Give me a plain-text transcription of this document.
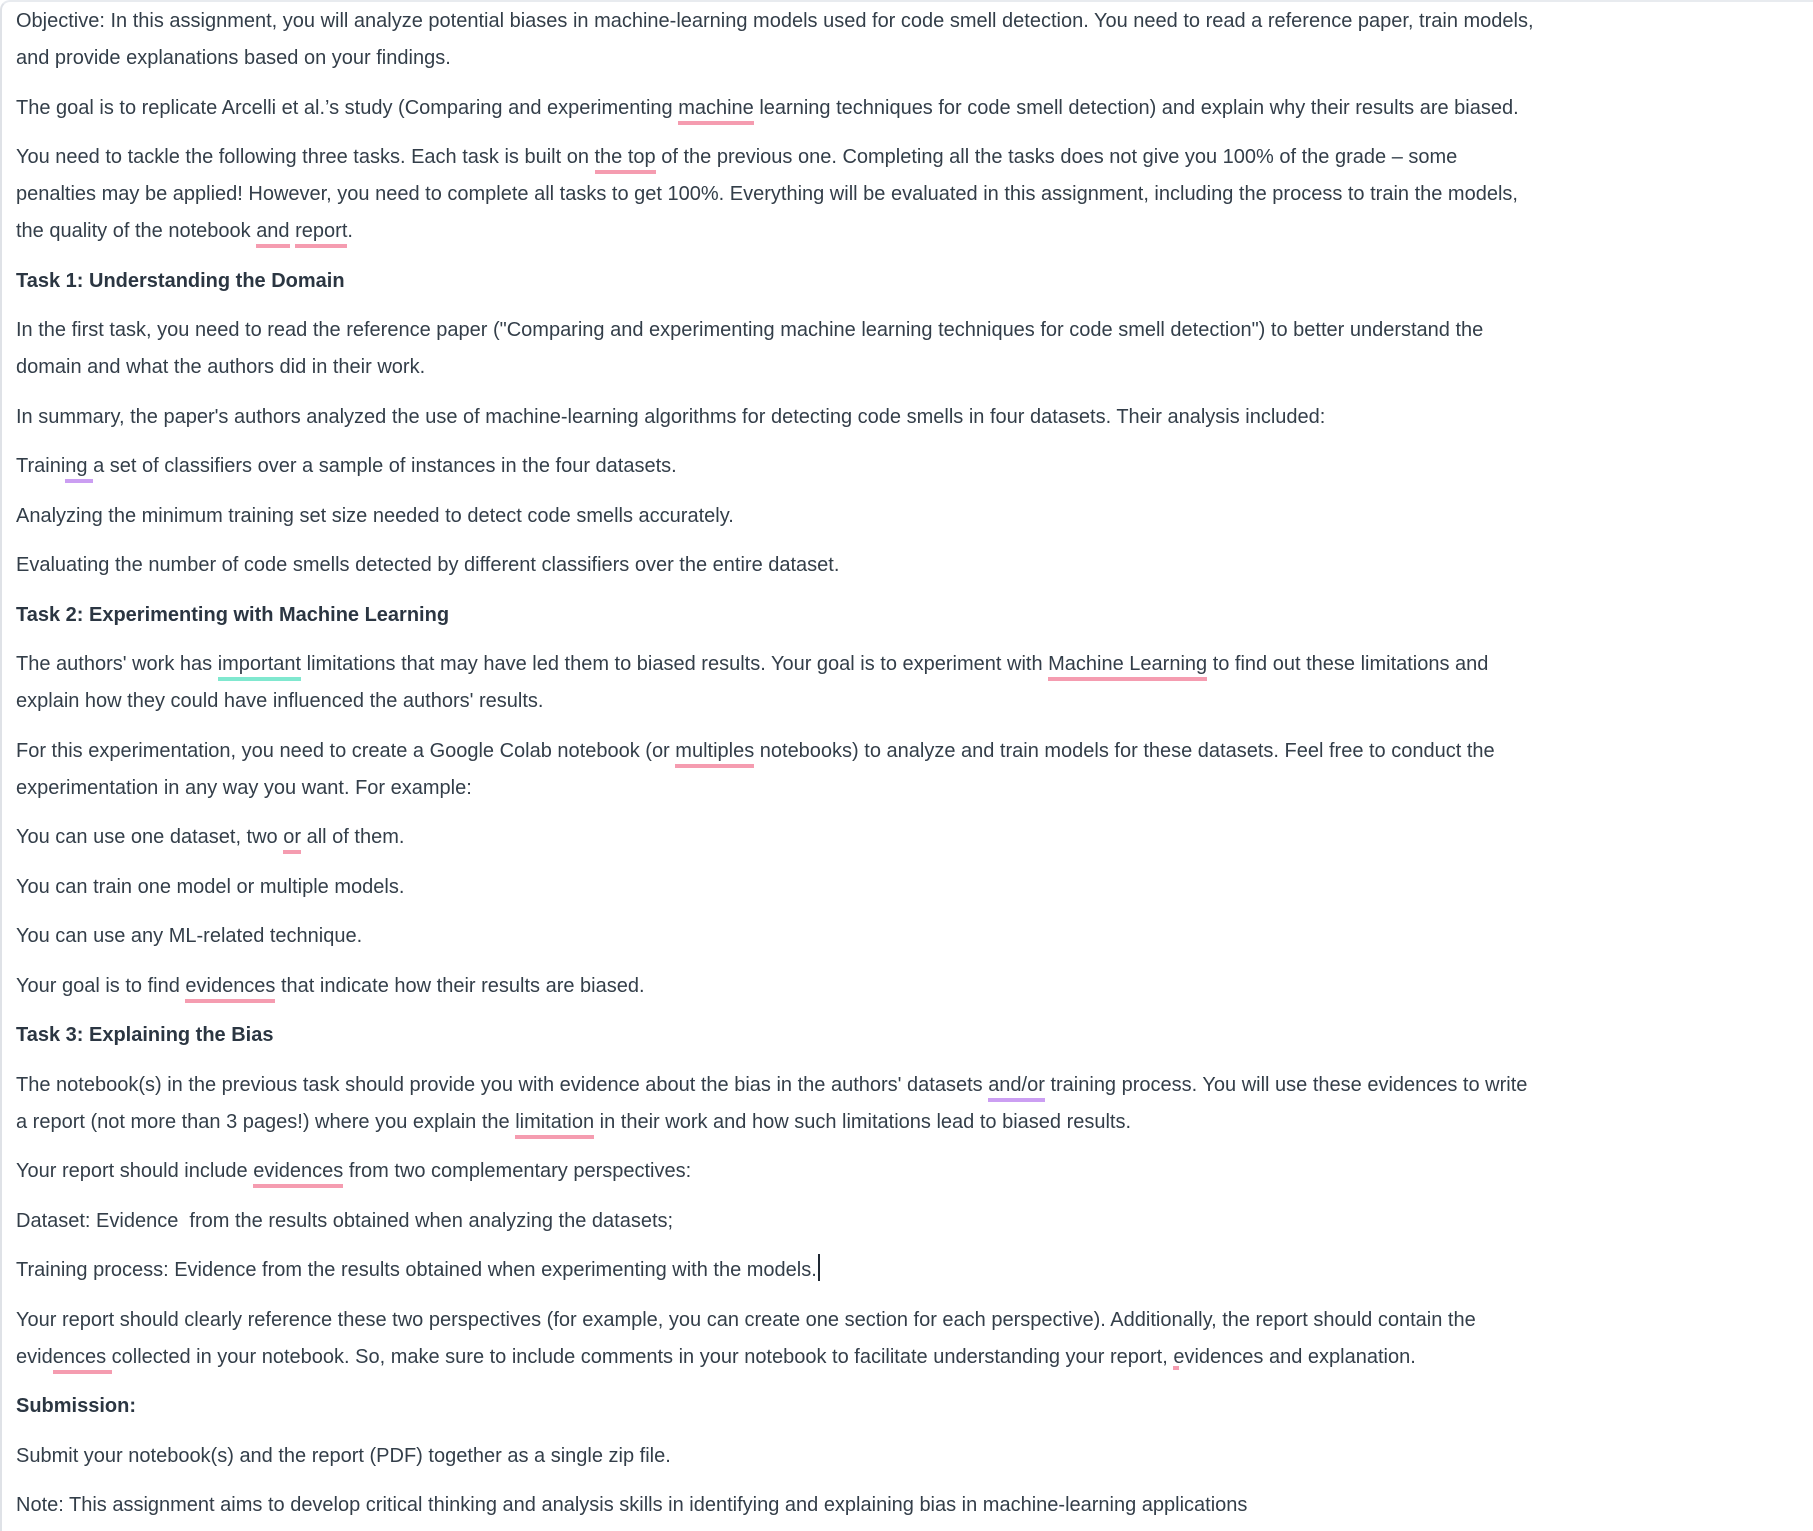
Objective: In this assignment, you will analyze potential biases in machine-learning models used for code smell detection. You need to read a reference paper, train models,
and provide explanations based on your findings.

The goal is to replicate Arcelli et al.’s study (Comparing and experimenting machine learning techniques for code smell detection) and explain why their results are biased.

You need to tackle the following three tasks. Each task is built on the top of the previous one. Completing all the tasks does not give you 100% of the grade – some
penalties may be applied! However, you need to complete all tasks to get 100%. Everything will be evaluated in this assignment, including the process to train the models,
the quality of the notebook and report.

Task 1: Understanding the Domain

In the first task, you need to read the reference paper ("Comparing and experimenting machine learning techniques for code smell detection") to better understand the
domain and what the authors did in their work.

In summary, the paper's authors analyzed the use of machine-learning algorithms for detecting code smells in four datasets. Their analysis included:

Training a set of classifiers over a sample of instances in the four datasets.

Analyzing the minimum training set size needed to detect code smells accurately.

Evaluating the number of code smells detected by different classifiers over the entire dataset.

Task 2: Experimenting with Machine Learning

The authors' work has important limitations that may have led them to biased results. Your goal is to experiment with Machine Learning to find out these limitations and
explain how they could have influenced the authors' results.

For this experimentation, you need to create a Google Colab notebook (or multiples notebooks) to analyze and train models for these datasets. Feel free to conduct the
experimentation in any way you want. For example:

You can use one dataset, two or all of them.

You can train one model or multiple models.

You can use any ML-related technique.

Your goal is to find evidences that indicate how their results are biased.

Task 3: Explaining the Bias

The notebook(s) in the previous task should provide you with evidence about the bias in the authors' datasets and/or training process. You will use these evidences to write
a report (not more than 3 pages!) where you explain the limitation in their work and how such limitations lead to biased results.

Your report should include evidences from two complementary perspectives:

Dataset: Evidence  from the results obtained when analyzing the datasets;

Training process: Evidence from the results obtained when experimenting with the models.

Your report should clearly reference these two perspectives (for example, you can create one section for each perspective). Additionally, the report should contain the
evidences collected in your notebook. So, make sure to include comments in your notebook to facilitate understanding your report, evidences and explanation.

Submission:

Submit your notebook(s) and the report (PDF) together as a single zip file.

Note: This assignment aims to develop critical thinking and analysis skills in identifying and explaining bias in machine-learning applications
